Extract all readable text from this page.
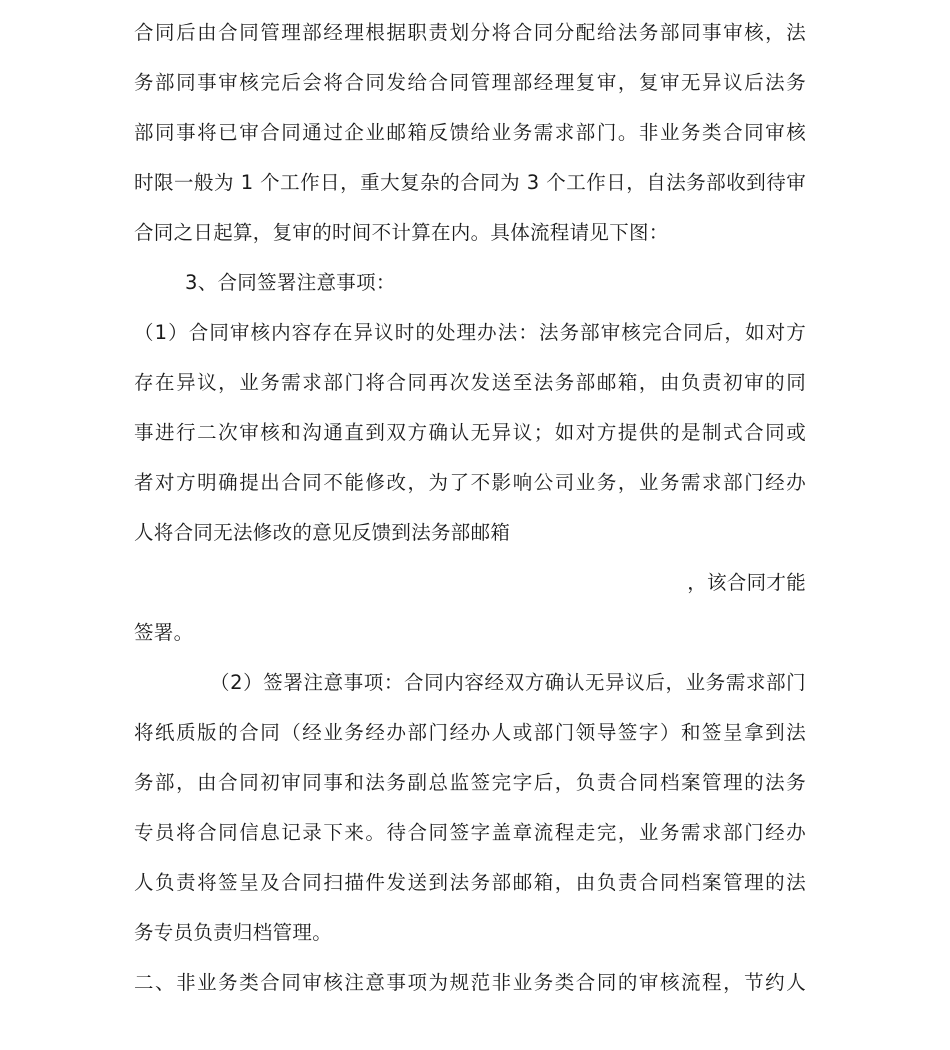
合同后由合同管理部经理根据职责划分将合同分配给法务部同事审核，法
务部同事审核完后会将合同发给合同管理部经理复审，复审无异议后法务
部同事将已审合同通过企业邮箱反馈给业务需求部门。非业务类合同审核
时限一般为 1 个工作日，重大复杂的合同为 3 个工作日，自法务部收到待审
合同之日起算，复审的时间不计算在内。具体流程请见下图：
3、合同签署注意事项：
（1）合同审核内容存在异议时的处理办法：法务部审核完合同后，如对方
存在异议，业务需求部门将合同再次发送至法务部邮箱，由负责初审的同
事进行二次审核和沟通直到双方确认无异议；如对方提供的是制式合同或
者对方明确提出合同不能修改，为了不影响公司业务，业务需求部门经办
人将合同无法修改的意见反馈到法务部邮箱
，该合同才能
签署。
（2）签署注意事项：合同内容经双方确认无异议后，业务需求部门
将纸质版的合同（经业务经办部门经办人或部门领导签字）和签呈拿到法
务部，由合同初审同事和法务副总监签完字后，负责合同档案管理的法务
专员将合同信息记录下来。待合同签字盖章流程走完，业务需求部门经办
人负责将签呈及合同扫描件发送到法务部邮箱，由负责合同档案管理的法
务专员负责归档管理。
二、非业务类合同审核注意事项为规范非业务类合同的审核流程，节约人
